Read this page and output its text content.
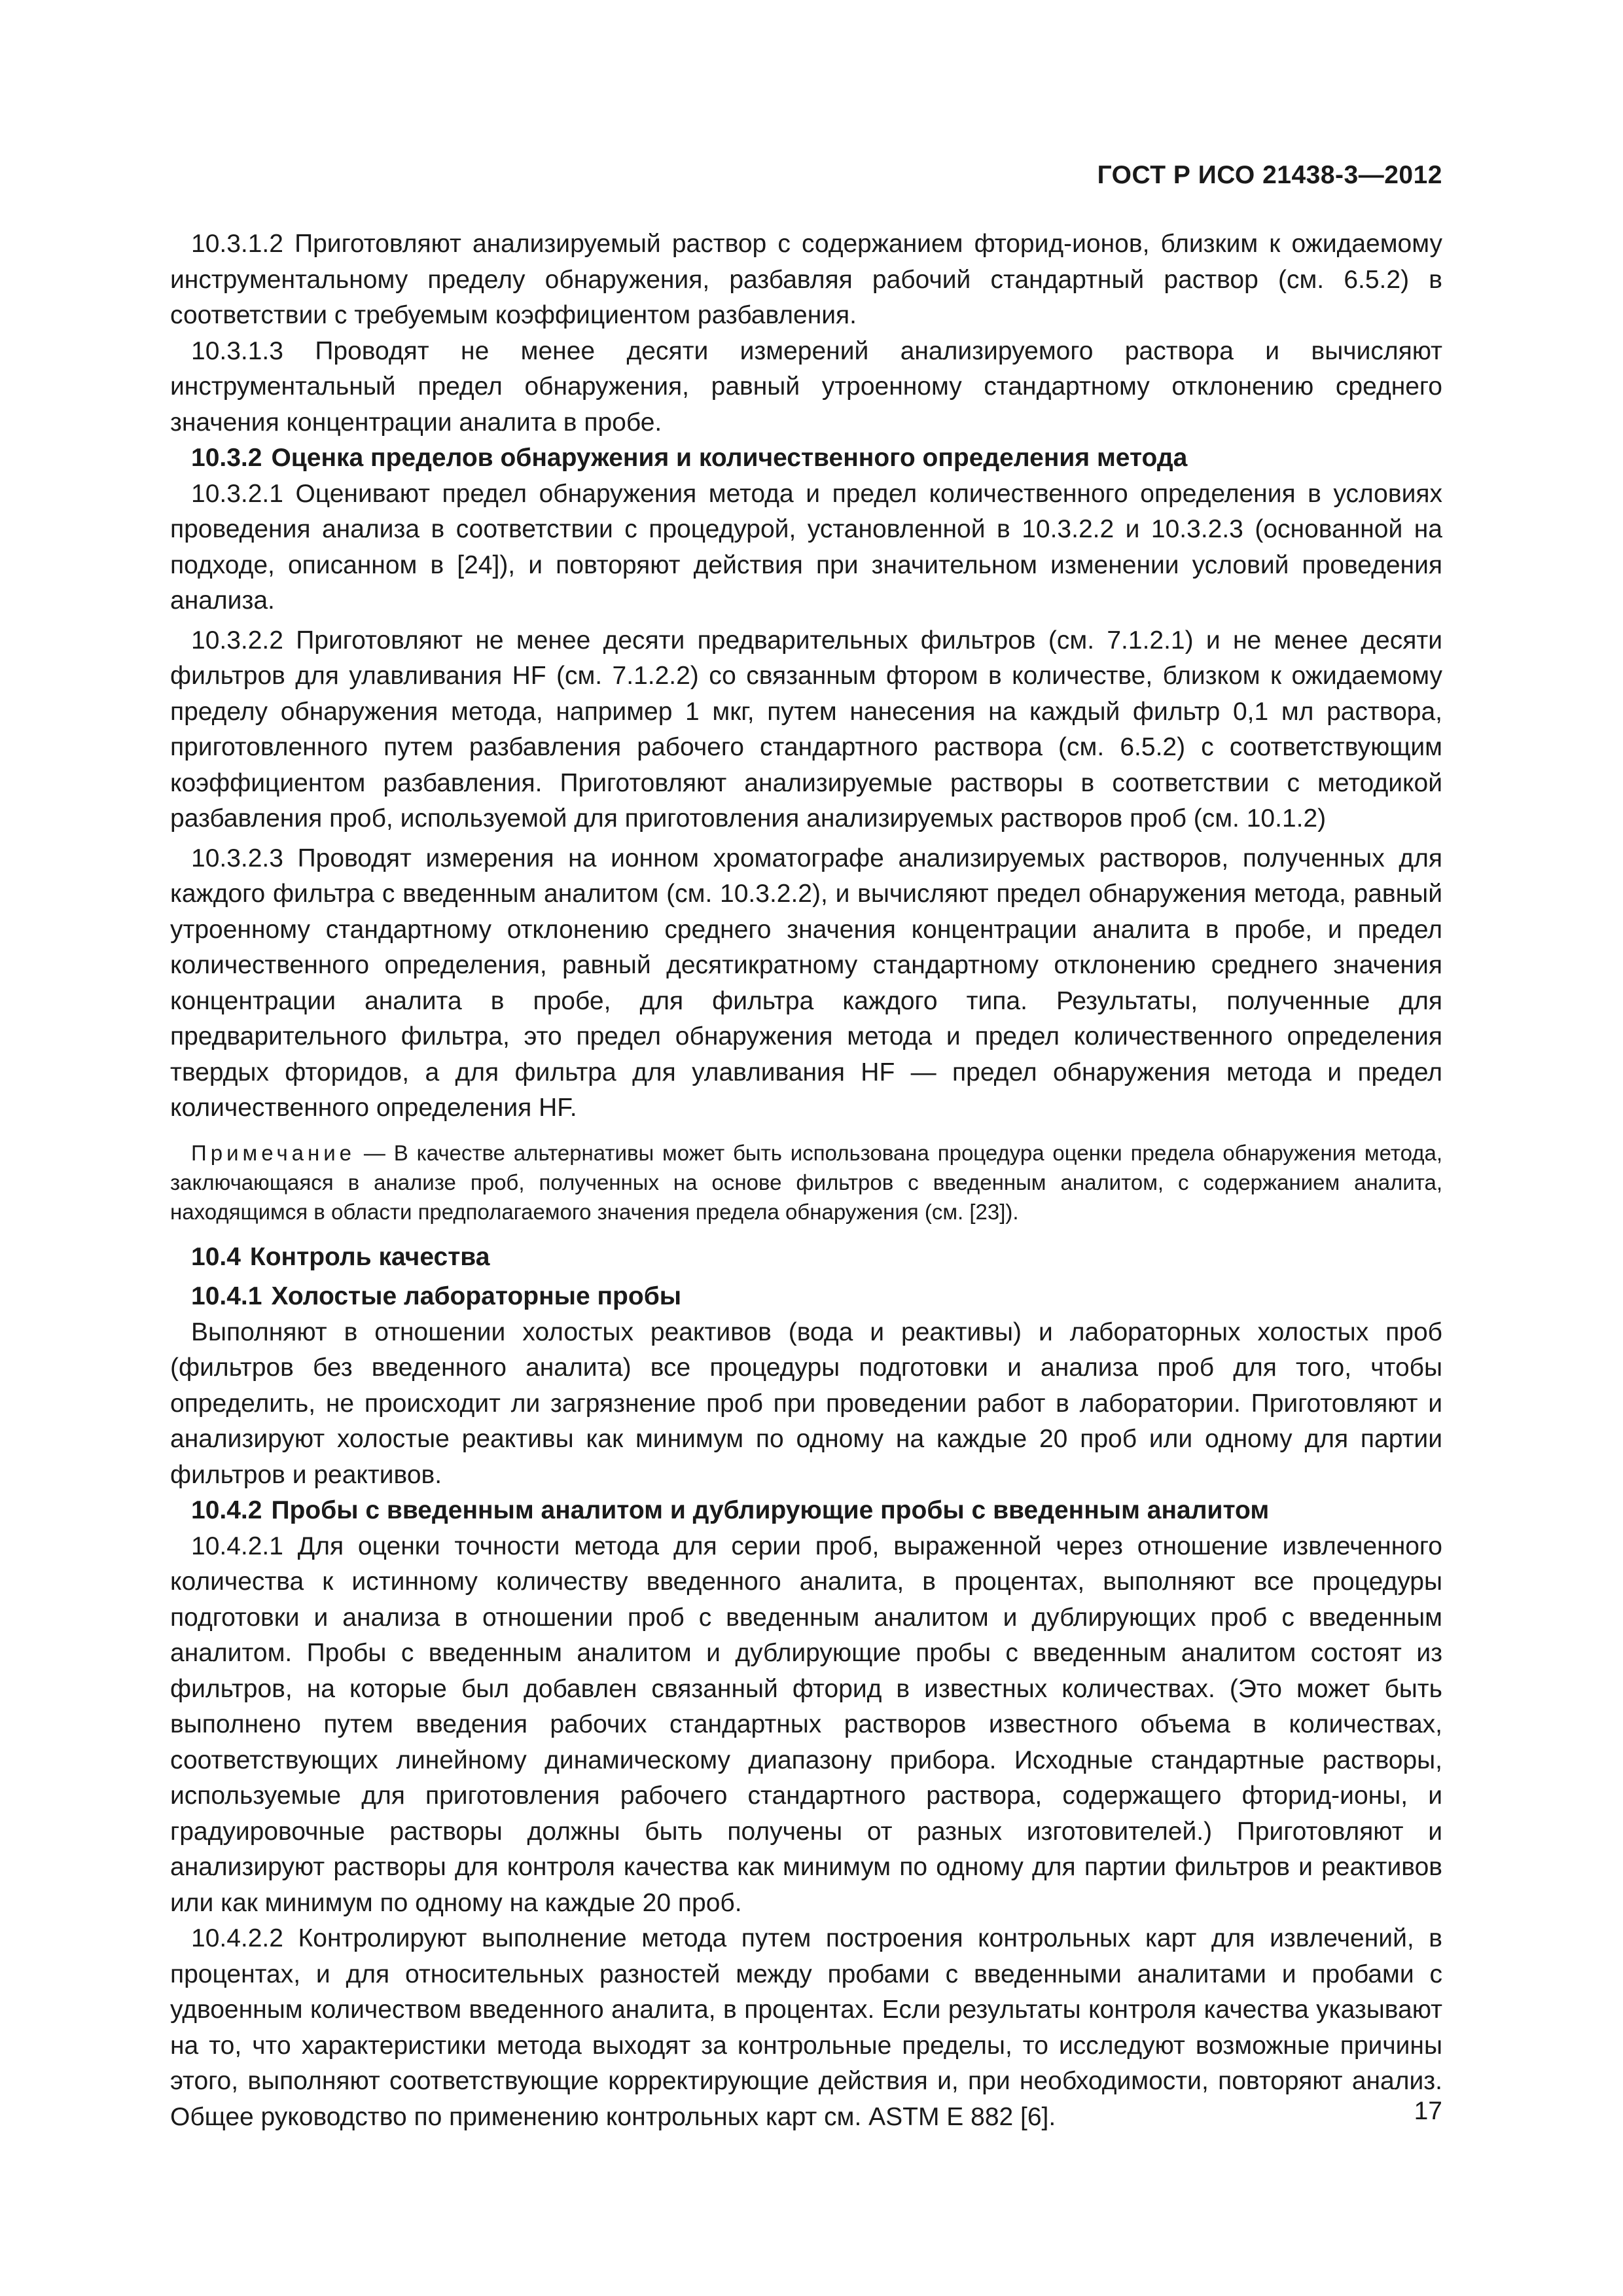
ГОСТ Р ИСО 21438-3—2012

10.3.1.2 Приготовляют анализируемый раствор с содержанием фторид-ионов, близким к ожидаемому инструментальному пределу обнаружения, разбавляя рабочий стандартный раствор (см. 6.5.2) в соответствии с требуемым коэффициентом разбавления.

10.3.1.3 Проводят не менее десяти измерений анализируемого раствора и вычисляют инструментальный предел обнаружения, равный утроенному стандартному отклонению среднего значения концентрации аналита в пробе.

10.3.2 Оценка пределов обнаружения и количественного определения метода

10.3.2.1 Оценивают предел обнаружения метода и предел количественного определения в условиях проведения анализа в соответствии с процедурой, установленной в 10.3.2.2 и 10.3.2.3 (основанной на подходе, описанном в [24]), и повторяют действия при значительном изменении условий проведения анализа.

10.3.2.2 Приготовляют не менее десяти предварительных фильтров (см. 7.1.2.1) и не менее десяти фильтров для улавливания HF (см. 7.1.2.2) со связанным фтором в количестве, близком к ожидаемому пределу обнаружения метода, например 1 мкг, путем нанесения на каждый фильтр 0,1 мл раствора, приготовленного путем разбавления рабочего стандартного раствора (см. 6.5.2) с соответствующим коэффициентом разбавления. Приготовляют анализируемые растворы в соответствии с методикой разбавления проб, используемой для приготовления анализируемых растворов проб (см. 10.1.2)

10.3.2.3 Проводят измерения на ионном хроматографе анализируемых растворов, полученных для каждого фильтра с введенным аналитом (см. 10.3.2.2), и вычисляют предел обнаружения метода, равный утроенному стандартному отклонению среднего значения концентрации аналита в пробе, и предел количественного определения, равный десятикратному стандартному отклонению среднего значения концентрации аналита в пробе, для фильтра каждого типа. Результаты, полученные для предварительного фильтра, это предел обнаружения метода и предел количественного определения твердых фторидов, а для фильтра для улавливания HF — предел обнаружения метода и предел количественного определения HF.

Примечание — В качестве альтернативы может быть использована процедура оценки предела обнаружения метода, заключающаяся в анализе проб, полученных на основе фильтров с введенным аналитом, с содержанием аналита, находящимся в области предполагаемого значения предела обнаружения (см. [23]).
10.4 Контроль качества
10.4.1 Холостые лабораторные пробы

Выполняют в отношении холостых реактивов (вода и реактивы) и лабораторных холостых проб (фильтров без введенного аналита) все процедуры подготовки и анализа проб для того, чтобы определить, не происходит ли загрязнение проб при проведении работ в лаборатории. Приготовляют и анализируют холостые реактивы как минимум по одному на каждые 20 проб или одному для партии фильтров и реактивов.

10.4.2 Пробы с введенным аналитом и дублирующие пробы с введенным аналитом

10.4.2.1 Для оценки точности метода для серии проб, выраженной через отношение извлеченного количества к истинному количеству введенного аналита, в процентах, выполняют все процедуры подготовки и анализа в отношении проб с введенным аналитом и дублирующих проб с введенным аналитом. Пробы с введенным аналитом и дублирующие пробы с введенным аналитом состоят из фильтров, на которые был добавлен связанный фторид в известных количествах. (Это может быть выполнено путем введения рабочих стандартных растворов известного объема в количествах, соответствующих линейному динамическому диапазону прибора. Исходные стандартные растворы, используемые для приготовления рабочего стандартного раствора, содержащего фторид-ионы, и градуировочные растворы должны быть получены от разных изготовителей.) Приготовляют и анализируют растворы для контроля качества как минимум по одному для партии фильтров и реактивов или как минимум по одному на каждые 20 проб.

10.4.2.2 Контролируют выполнение метода путем построения контрольных карт для извлечений, в процентах, и для относительных разностей между пробами с введенными аналитами и пробами с удвоенным количеством введенного аналита, в процентах. Если результаты контроля качества указывают на то, что характеристики метода выходят за контрольные пределы, то исследуют возможные причины этого, выполняют соответствующие корректирующие действия и, при необходимости, повторяют анализ. Общее руководство по применению контрольных карт см. ASTM E 882 [6].	17
